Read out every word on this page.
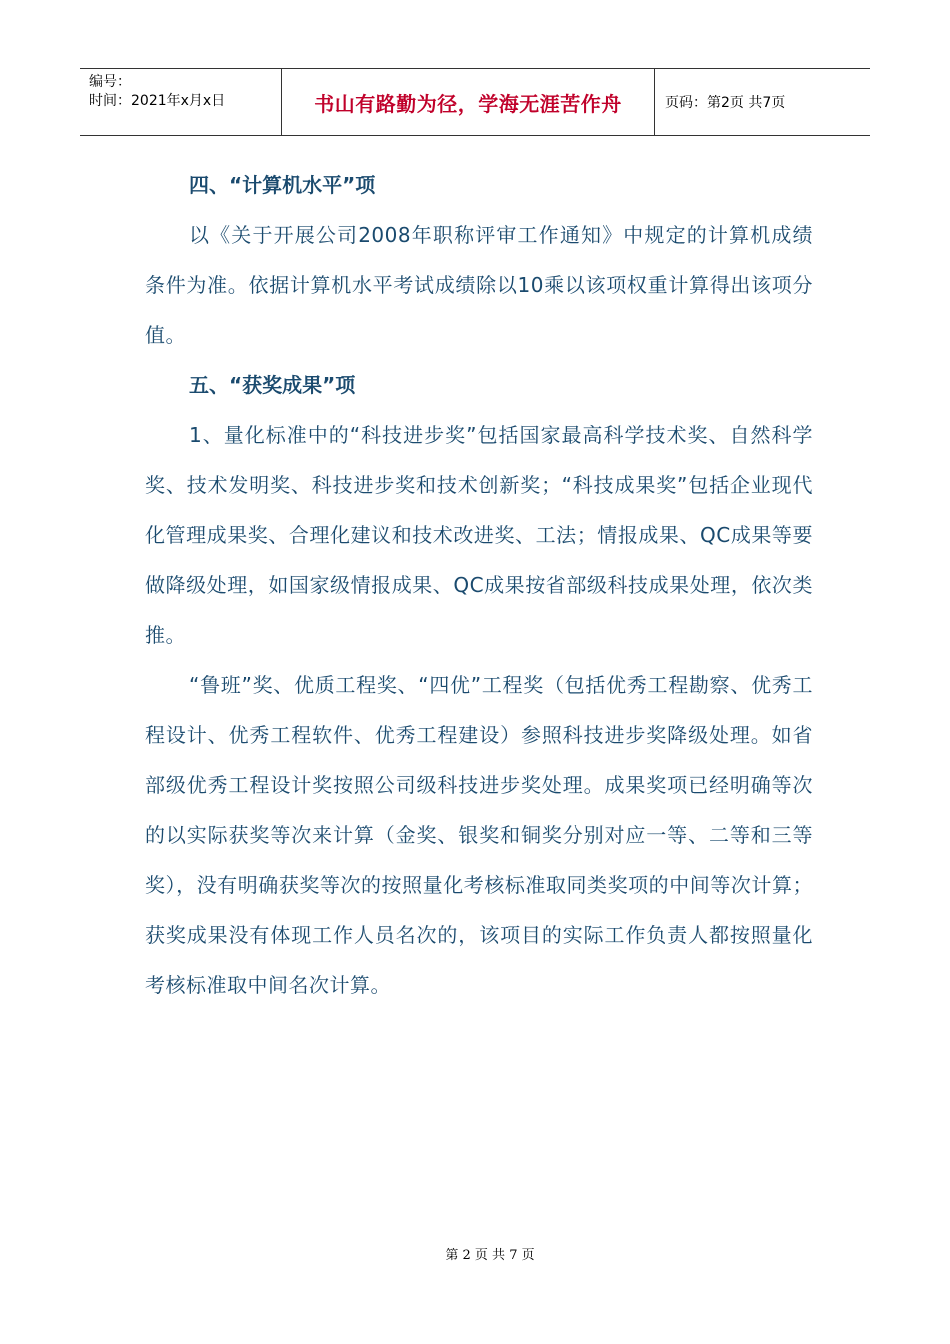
编号：
时间：2021年x月x日	书山有路勤为径，学海无涯苦作舟	页码：第2页 共7页
四、“计算机水平”项

以《关于开展公司2008年职称评审工作通知》中规定的计算机成绩条件为准。依据计算机水平考试成绩除以10乘以该项权重计算得出该项分值。

五、“获奖成果”项

1、量化标准中的“科技进步奖”包括国家最高科学技术奖、自然科学奖、技术发明奖、科技进步奖和技术创新奖；“科技成果奖”包括企业现代化管理成果奖、合理化建议和技术改进奖、工法；情报成果、QC成果等要做降级处理，如国家级情报成果、QC成果按省部级科技成果处理，依次类推。

“鲁班”奖、优质工程奖、“四优”工程奖（包括优秀工程勘察、优秀工程设计、优秀工程软件、优秀工程建设）参照科技进步奖降级处理。如省部级优秀工程设计奖按照公司级科技进步奖处理。成果奖项已经明确等次的以实际获奖等次来计算（金奖、银奖和铜奖分别对应一等、二等和三等奖），没有明确获奖等次的按照量化考核标准取同类奖项的中间等次计算；获奖成果没有体现工作人员名次的，该项目的实际工作负责人都按照量化考核标准取中间名次计算。

第 2 页 共 7 页
